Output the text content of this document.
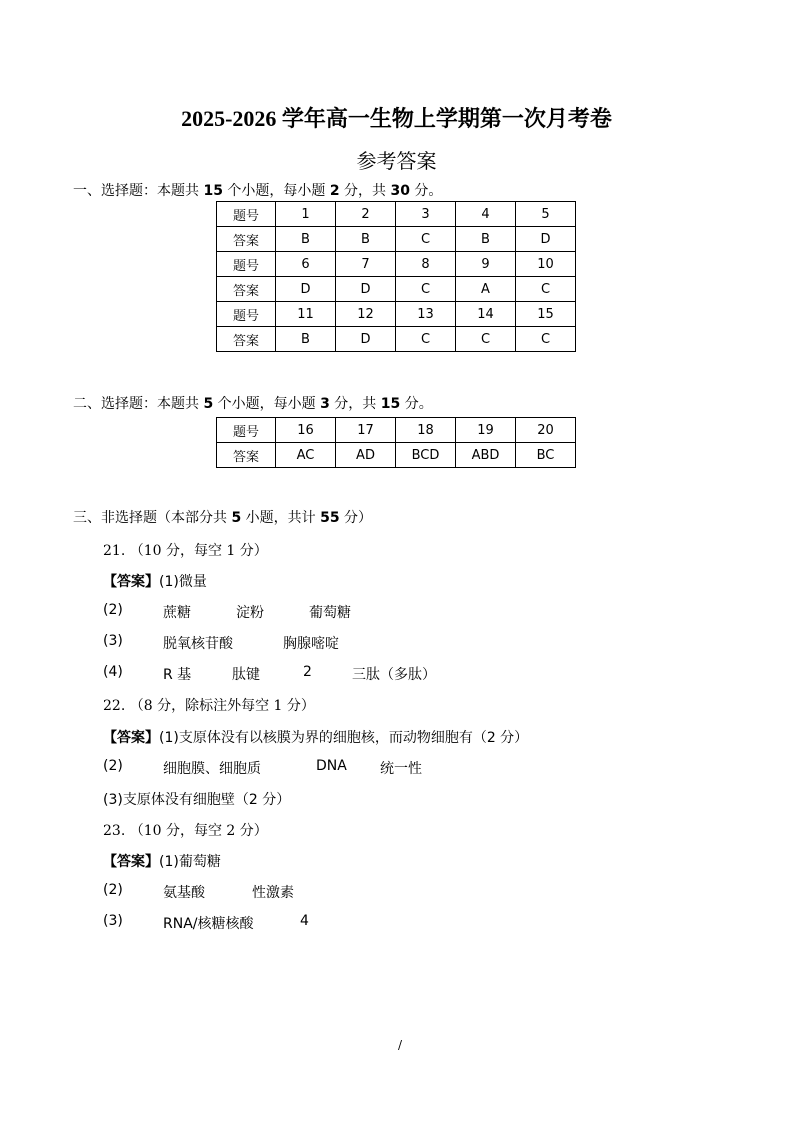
2025-2026 学年高一生物上学期第一次月考卷
参考答案
一、选择题：本题共 15 个小题，每小题 2 分，共 30 分。
题号	1	2	3	4	5
答案	B	B	C	B	D
题号	6	7	8	9	10
答案	D	D	C	A	C
题号	11	12	13	14	15
答案	B	D	C	C	C
二、选择题：本题共 5 个小题，每小题 3 分，共 15 分。
题号	16	17	18	19	20
答案	AC	AD	BCD	ABD	BC
三、非选择题（本部分共 5 小题，共计 55 分）
21. （10 分，每空 1 分）
【答案】(1)微量
(2)	蔗糖	淀粉	葡萄糖
(3)	脱氧核苷酸	胸腺嘧啶
(4)	R 基	肽键	2	三肽（多肽）
22. （8 分，除标注外每空 1 分）
【答案】(1)支原体没有以核膜为界的细胞核，而动物细胞有（2 分）
(2)	细胞膜、细胞质	DNA 统一性
(3)支原体没有细胞壁（2 分）
23. （10 分，每空 2 分）
【答案】(1)葡萄糖
(2)	氨基酸	性激素
(3)	RNA/核糖核酸	4
/
